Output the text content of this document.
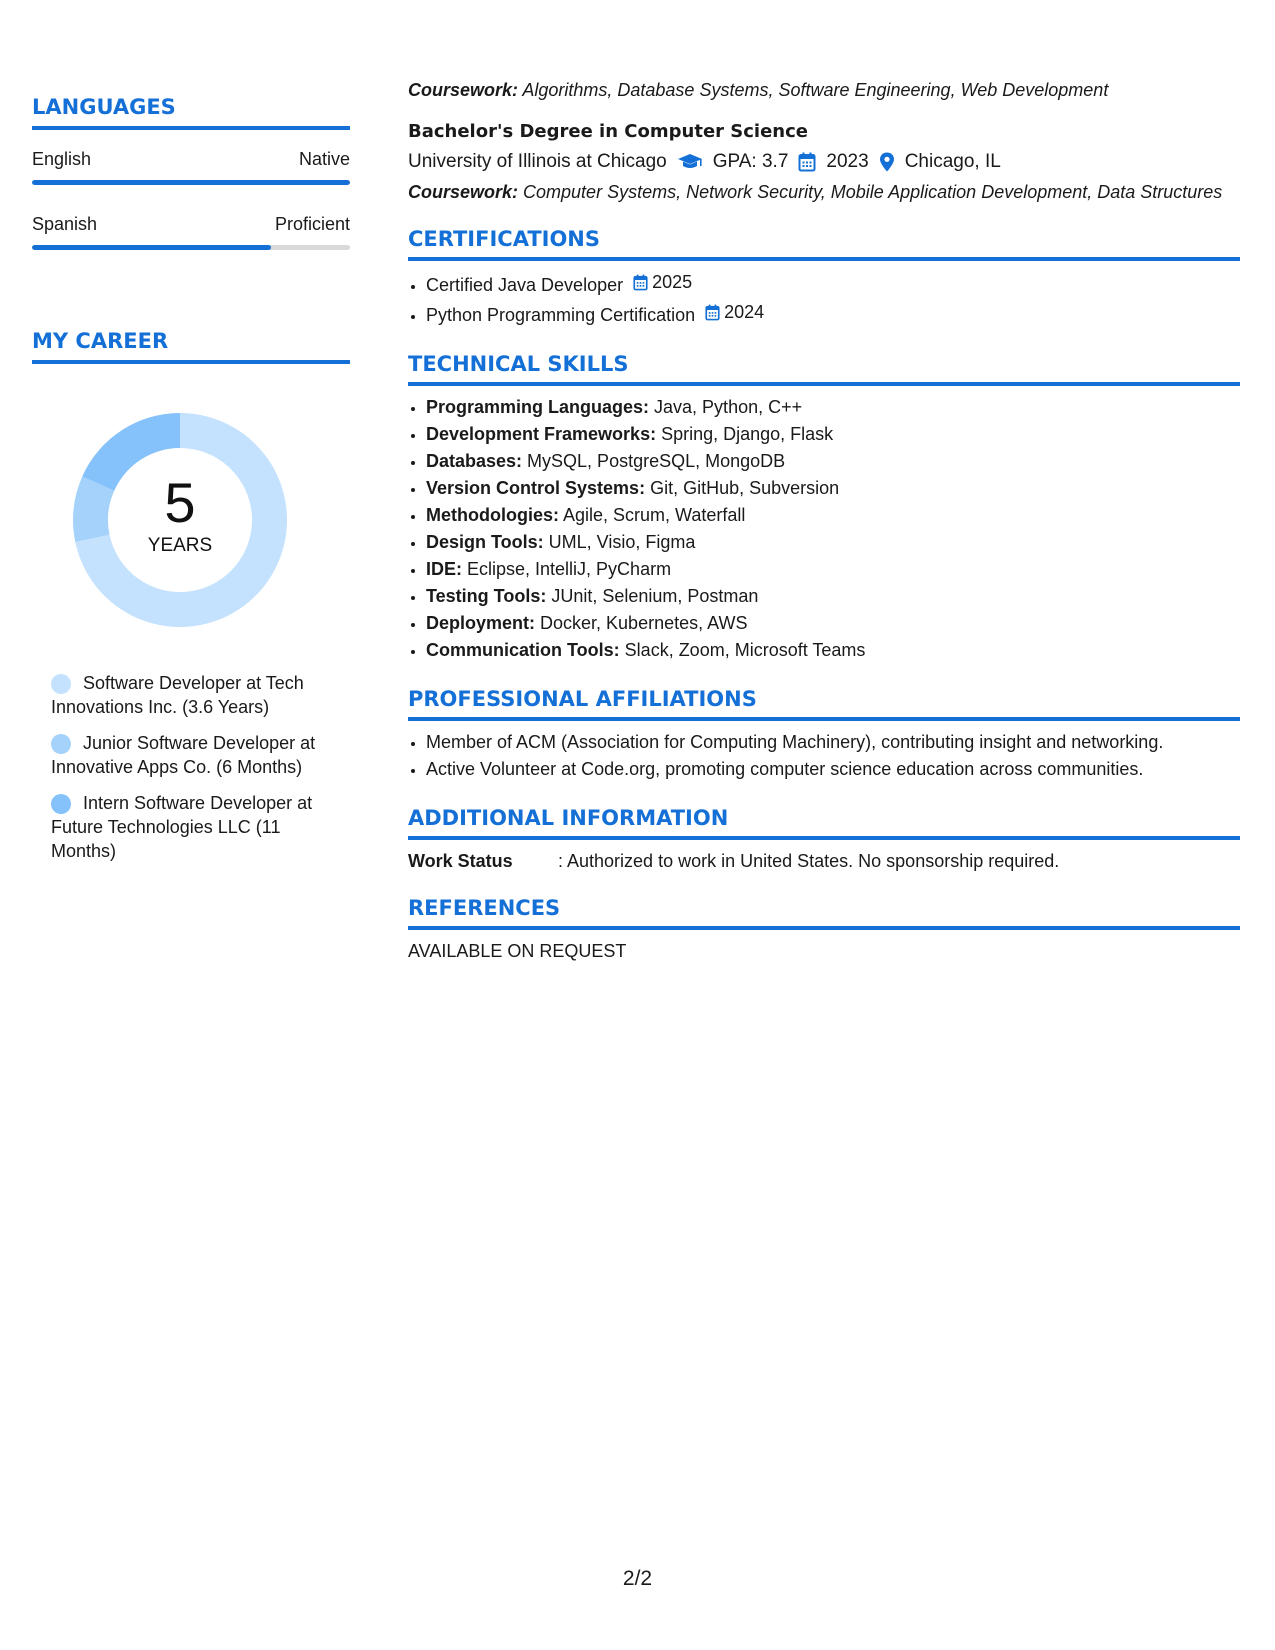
LANGUAGES
English	Native
Spanish	Proficient
MY CAREER
5
YEARS
Software Developer at Tech Innovations Inc. (3.6 Years)
Junior Software Developer at Innovative Apps Co. (6 Months)
Intern Software Developer at Future Technologies LLC (11 Months)
Coursework: Algorithms, Database Systems, Software Engineering, Web Development
Bachelor's Degree in Computer Science
University of Illinois at Chicago GPA: 3.7 2023 Chicago, IL
Coursework: Computer Systems, Network Security, Mobile Application Development, Data Structures
CERTIFICATIONS
• Certified Java Developer 2025
• Python Programming Certification 2024
TECHNICAL SKILLS
• Programming Languages: Java, Python, C++
• Development Frameworks: Spring, Django, Flask
• Databases: MySQL, PostgreSQL, MongoDB
• Version Control Systems: Git, GitHub, Subversion
• Methodologies: Agile, Scrum, Waterfall
• Design Tools: UML, Visio, Figma
• IDE: Eclipse, IntelliJ, PyCharm
• Testing Tools: JUnit, Selenium, Postman
• Deployment: Docker, Kubernetes, AWS
• Communication Tools: Slack, Zoom, Microsoft Teams
PROFESSIONAL AFFILIATIONS
• Member of ACM (Association for Computing Machinery), contributing insight and networking.
• Active Volunteer at Code.org, promoting computer science education across communities.
ADDITIONAL INFORMATION
Work Status	: Authorized to work in United States. No sponsorship required.
REFERENCES
AVAILABLE ON REQUEST
2/2
